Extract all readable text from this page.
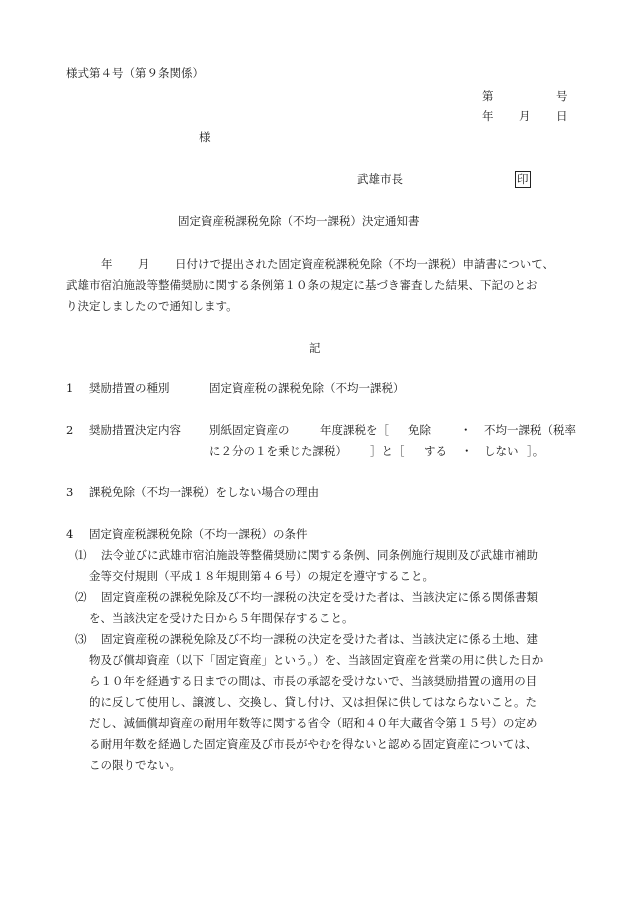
様式第４号（第９条関係）
第	号
年 月 日
様
武雄市長	印
固定資産税課税免除（不均一課税）決定通知書
年 月 日付けで提出された固定資産税課税免除（不均一課税）申請書について、
武雄市宿泊施設等整備奨励に関する条例第１０条の規定に基づき審査した結果、下記のとお
り決定しましたので通知します。
記
1 奨励措置の種別	固定資産税の課税免除（不均一課税）
2 奨励措置決定内容 別紙固定資産の	年度課税を［ 免除	・ 不均一課税（税率
に２分の１を乗じた課税） ］と［ する ・ しない ］。
3 課税免除（不均一課税）をしない場合の理由
4 固定資産税課税免除（不均一課税）の条件
⑴ 法令並びに武雄市宿泊施設等整備奨励に関する条例、同条例施行規則及び武雄市補助
金等交付規則（平成１８年規則第４６号）の規定を遵守すること。
⑵ 固定資産税の課税免除及び不均一課税の決定を受けた者は、当該決定に係る関係書類
を、当該決定を受けた日から５年間保存すること。
⑶ 固定資産税の課税免除及び不均一課税の決定を受けた者は、当該決定に係る土地、建
物及び償却資産（以下「固定資産」という。）を、当該固定資産を営業の用に供した日か
ら１０年を経過する日までの間は、市長の承認を受けないで、当該奨励措置の適用の目
的に反して使用し、譲渡し、交換し、貸し付け、又は担保に供してはならないこと。た
だし、減価償却資産の耐用年数等に関する省令（昭和４０年大蔵省令第１５号）の定め
る耐用年数を経過した固定資産及び市長がやむを得ないと認める固定資産については、
この限りでない。
